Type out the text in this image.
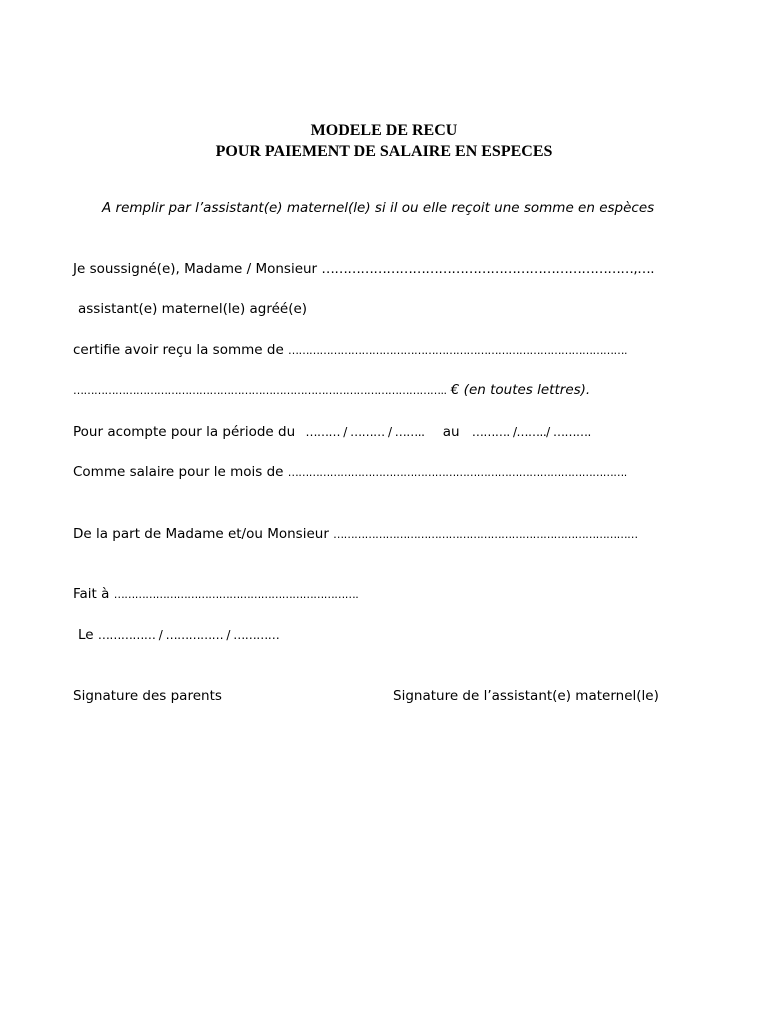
MODELE DE RECU
POUR PAIEMENT DE SALAIRE EN ESPECES
A remplir par l’assistant(e) maternel(le) si il ou elle reçoit une somme en espèces
Je soussigné(e), Madame / Monsieur ………………………………………………………………,….
assistant(e) maternel(le) agréé(e)
certifie avoir reçu la somme de …………………………………………………………………………………….
…………………………………………………………………………………………….. € (en toutes lettres).
Pour acompte pour la période du ……… / ……… / …….. au ………. /……../ ……….
Comme salaire pour le mois de …………………………………………………………………………………….
De la part de Madame et/ou Monsieur ……………………………………………………………………………
Fait à …………………………………………………………….
Le …………… / …………… / …………
Signature des parents	Signature de l’assistant(e) maternel(le)
